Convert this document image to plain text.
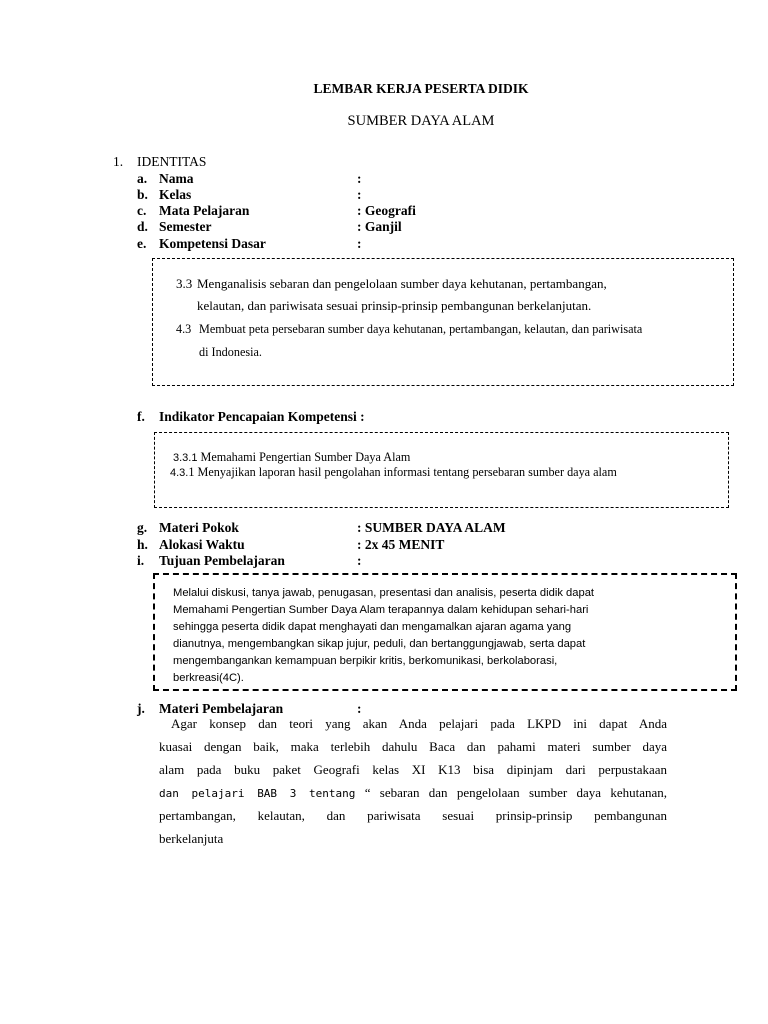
LEMBAR KERJA PESERTA DIDIK
SUMBER DAYA ALAM
1. IDENTITAS
a. Nama	:
b. Kelas	:
c. Mata Pelajaran	: Geografi
d. Semester	: Ganjil
e. Kompetensi Dasar	:
3.3 Menganalisis sebaran dan pengelolaan sumber daya kehutanan, pertambangan,
kelautan, dan pariwisata sesuai prinsip-prinsip pembangunan berkelanjutan.
4.3 Membuat peta persebaran sumber daya kehutanan, pertambangan, kelautan, dan pariwisata
di Indonesia.
f. Indikator Pencapaian Kompetensi :
3.3.1 Memahami Pengertian Sumber Daya Alam
4.3.1 Menyajikan laporan hasil pengolahan informasi tentang persebaran sumber daya alam
g. Materi Pokok	: SUMBER DAYA ALAM
h. Alokasi Waktu	: 2x 45 MENIT
i. Tujuan Pembelajaran	:
Melalui diskusi, tanya jawab, penugasan, presentasi dan analisis, peserta didik dapat
Memahami Pengertian Sumber Daya Alam terapannya dalam kehidupan sehari-hari
sehingga peserta didik dapat menghayati dan mengamalkan ajaran agama yang
dianutnya, mengembangkan sikap jujur, peduli, dan bertanggungjawab, serta dapat
mengembangankan kemampuan berpikir kritis, berkomunikasi, berkolaborasi,
berkreasi(4C).
j. Materi Pembelajaran	:
Agar konsep dan teori yang akan Anda pelajari pada LKPD ini dapat Anda
kuasai dengan baik, maka terlebih dahulu Baca dan pahami materi sumber daya
alam pada buku paket Geografi kelas XI K13 bisa dipinjam dari perpustakaan
dan pelajari BAB 3 tentang “ sebaran dan pengelolaan sumber daya kehutanan,
pertambangan, kelautan, dan pariwisata sesuai prinsip-prinsip pembangunan
berkelanjuta
